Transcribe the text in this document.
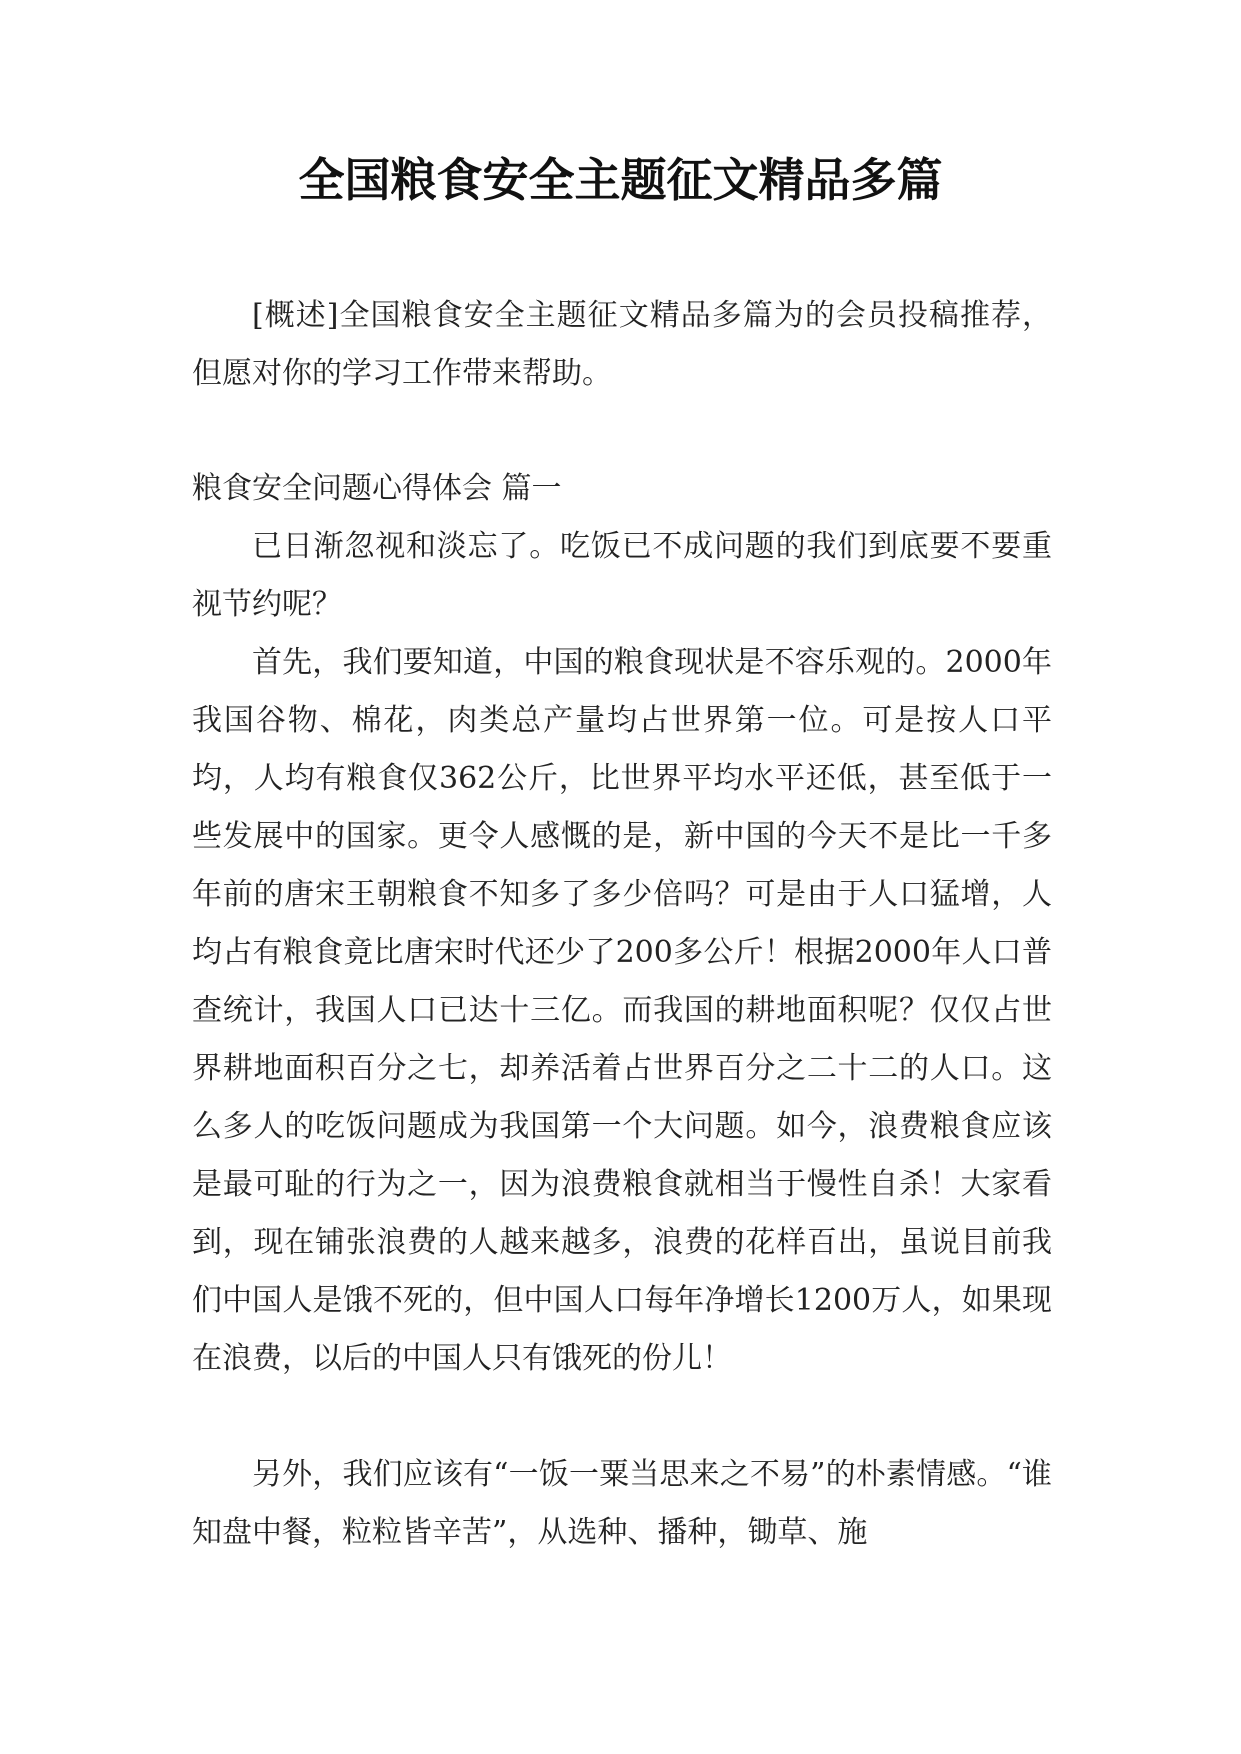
全国粮食安全主题征文精品多篇

[概述]全国粮食安全主题征文精品多篇为的会员投稿推荐，但愿对你的学习工作带来帮助。

粮食安全问题心得体会 篇一

已日渐忽视和淡忘了。吃饭已不成问题的我们到底要不要重视节约呢？

首先，我们要知道，中国的粮食现状是不容乐观的。2000年我国谷物、棉花，肉类总产量均占世界第一位。可是按人口平均，人均有粮食仅362公斤，比世界平均水平还低，甚至低于一些发展中的国家。更令人感慨的是，新中国的今天不是比一千多年前的唐宋王朝粮食不知多了多少倍吗？可是由于人口猛增，人均占有粮食竟比唐宋时代还少了200多公斤！根据2000年人口普查统计，我国人口已达十三亿。而我国的耕地面积呢？仅仅占世界耕地面积百分之七，却养活着占世界百分之二十二的人口。这么多人的吃饭问题成为我国第一个大问题。如今，浪费粮食应该是最可耻的行为之一，因为浪费粮食就相当于慢性自杀！大家看到，现在铺张浪费的人越来越多，浪费的花样百出，虽说目前我们中国人是饿不死的，但中国人口每年净增长1200万人，如果现在浪费，以后的中国人只有饿死的份儿！

另外，我们应该有“一饭一粟当思来之不易”的朴素情感。“谁知盘中餐，粒粒皆辛苦”，从选种、播种，锄草、施
